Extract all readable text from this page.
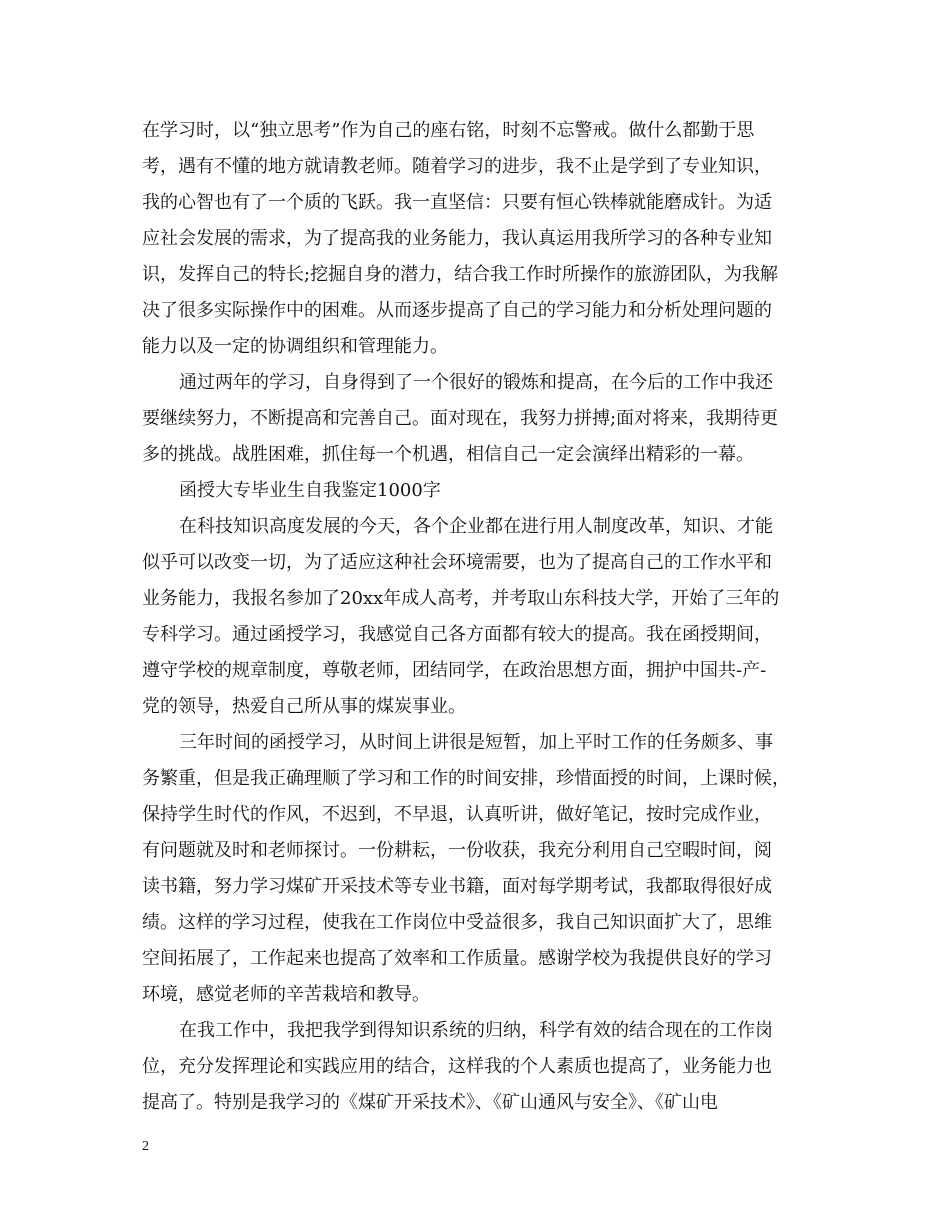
在学习时，以“独立思考”作为自己的座右铭，时刻不忘警戒。做什么都勤于思
考，遇有不懂的地方就请教老师。随着学习的进步，我不止是学到了专业知识，
我的心智也有了一个质的飞跃。我一直坚信：只要有恒心铁棒就能磨成针。为适
应社会发展的需求，为了提高我的业务能力，我认真运用我所学习的各种专业知
识，发挥自己的特长;挖掘自身的潜力，结合我工作时所操作的旅游团队，为我解
决了很多实际操作中的困难。从而逐步提高了自己的学习能力和分析处理问题的
能力以及一定的协调组织和管理能力。
通过两年的学习，自身得到了一个很好的锻炼和提高，在今后的工作中我还
要继续努力，不断提高和完善自己。面对现在，我努力拼搏;面对将来，我期待更
多的挑战。战胜困难，抓住每一个机遇，相信自己一定会演绎出精彩的一幕。
函授大专毕业生自我鉴定1000字
在科技知识高度发展的今天，各个企业都在进行用人制度改革，知识、才能
似乎可以改变一切，为了适应这种社会环境需要，也为了提高自己的工作水平和
业务能力，我报名参加了20xx年成人高考，并考取山东科技大学，开始了三年的
专科学习。通过函授学习，我感觉自己各方面都有较大的提高。我在函授期间，
遵守学校的规章制度，尊敬老师，团结同学，在政治思想方面，拥护中国共-产-
党的领导，热爱自己所从事的煤炭事业。
三年时间的函授学习，从时间上讲很是短暂，加上平时工作的任务颇多、事
务繁重，但是我正确理顺了学习和工作的时间安排，珍惜面授的时间，上课时候，
保持学生时代的作风，不迟到，不早退，认真听讲，做好笔记，按时完成作业，
有问题就及时和老师探讨。一份耕耘，一份收获，我充分利用自己空暇时间，阅
读书籍，努力学习煤矿开采技术等专业书籍，面对每学期考试，我都取得很好成
绩。这样的学习过程，使我在工作岗位中受益很多，我自己知识面扩大了，思维
空间拓展了，工作起来也提高了效率和工作质量。感谢学校为我提供良好的学习
环境，感觉老师的辛苦栽培和教导。
在我工作中，我把我学到得知识系统的归纳，科学有效的结合现在的工作岗
位，充分发挥理论和实践应用的结合，这样我的个人素质也提高了，业务能力也
提高了。特别是我学习的《煤矿开采技术》、《矿山通风与安全》、《矿山电
2
